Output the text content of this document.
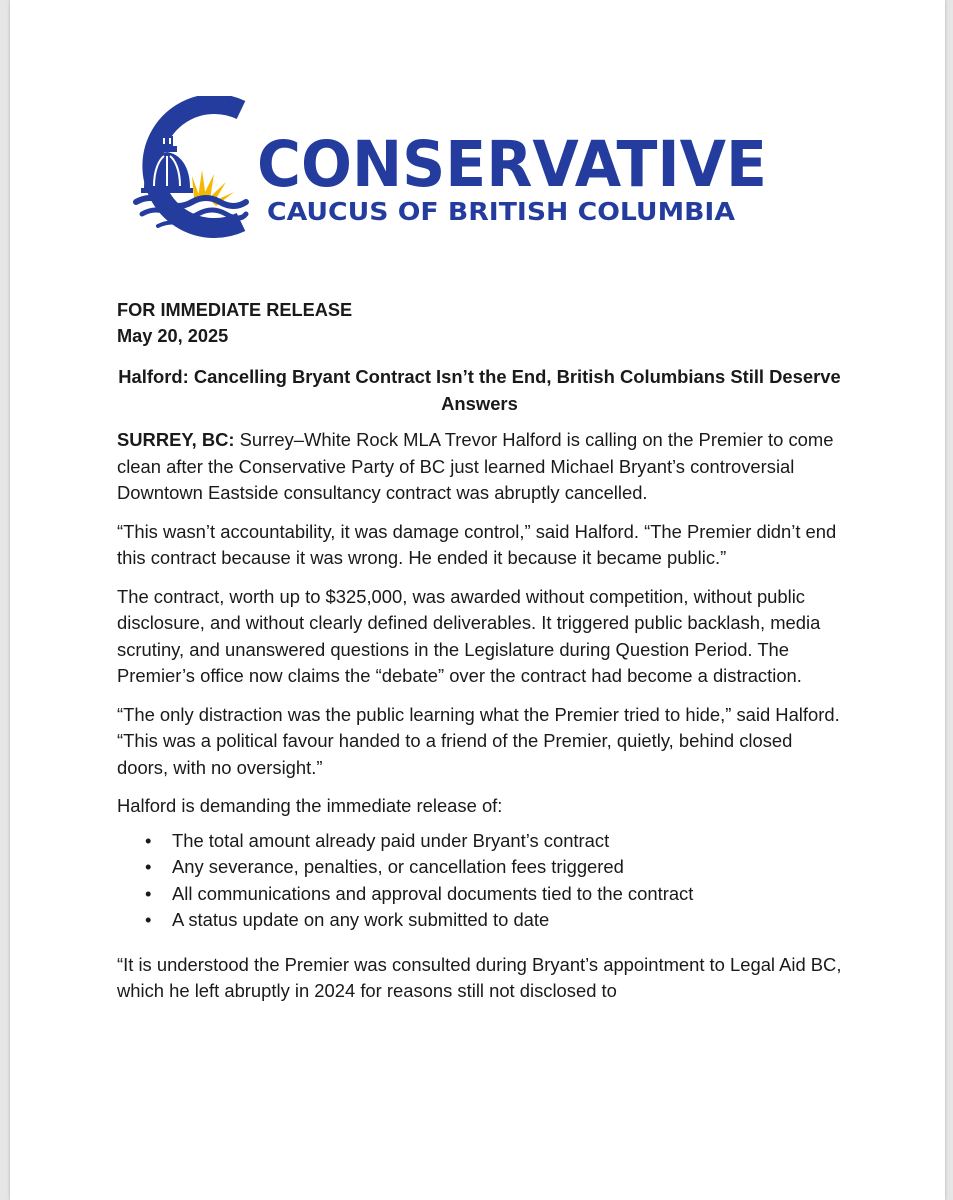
CONSERVATIVE
CAUCUS OF BRITISH COLUMBIA

FOR IMMEDIATE RELEASE
May 20, 2025

Halford: Cancelling Bryant Contract Isn’t the End, British Columbians Still Deserve Answers

SURREY, BC: Surrey–White Rock MLA Trevor Halford is calling on the Premier to come clean after the Conservative Party of BC just learned Michael Bryant’s controversial Downtown Eastside consultancy contract was abruptly cancelled.

“This wasn’t accountability, it was damage control,” said Halford. “The Premier didn’t end this contract because it was wrong. He ended it because it became public.”

The contract, worth up to $325,000, was awarded without competition, without public disclosure, and without clearly defined deliverables. It triggered public backlash, media scrutiny, and unanswered questions in the Legislature during Question Period. The Premier’s office now claims the “debate” over the contract had become a distraction.

“The only distraction was the public learning what the Premier tried to hide,” said Halford. “This was a political favour handed to a friend of the Premier, quietly, behind closed doors, with no oversight.”

Halford is demanding the immediate release of:

• The total amount already paid under Bryant’s contract
• Any severance, penalties, or cancellation fees triggered
• All communications and approval documents tied to the contract
• A status update on any work submitted to date

“It is understood the Premier was consulted during Bryant’s appointment to Legal Aid BC, which he left abruptly in 2024 for reasons still not disclosed to
